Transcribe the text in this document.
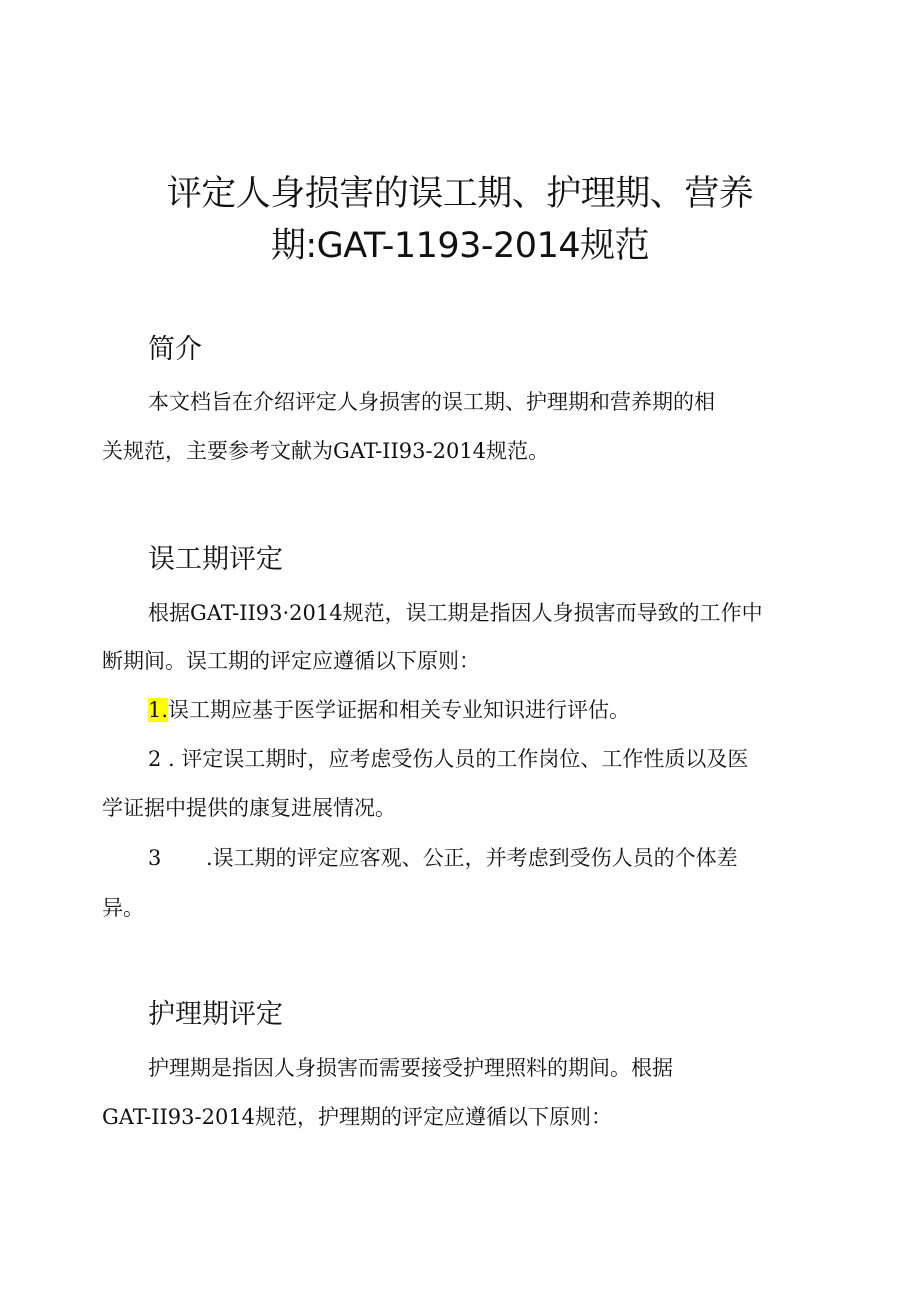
评定人身损害的误工期、护理期、营养
期:GAT-1193-2014规范
简介

本文档旨在介绍评定人身损害的误工期、护理期和营养期的相

关规范，主要参考文献为GAT-II93-2014规范。

误工期评定

根据GAT-II93·2014规范，误工期是指因人身损害而导致的工作中

断期间。误工期的评定应遵循以下原则：

1.误工期应基于医学证据和相关专业知识进行评估。

2 . 评定误工期时，应考虑受伤人员的工作岗位、工作性质以及医

学证据中提供的康复进展情况。

3 .误工期的评定应客观、公正，并考虑到受伤人员的个体差

异。

护理期评定

护理期是指因人身损害而需要接受护理照料的期间。根据

GAT-II93-2014规范，护理期的评定应遵循以下原则：
